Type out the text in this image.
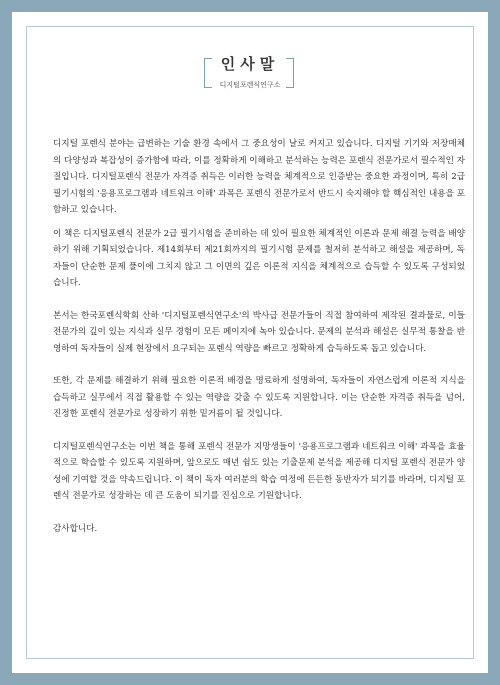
인사말
디지털포렌식연구소

디지털 포렌식 분야는 급변하는 기술 환경 속에서 그 중요성이 날로 커지고 있습니다. 디지털 기기와 저장매체의 다양성과 복잡성이 증가함에 따라, 이를 정확하게 이해하고 분석하는 능력은 포렌식 전문가로서 필수적인 자질입니다. 디지털포렌식 전문가 자격증 취득은 이러한 능력을 체계적으로 인증받는 중요한 과정이며, 특히 2급 필기시험의 '응용프로그램과 네트워크 이해' 과목은 포렌식 전문가로서 반드시 숙지해야 할 핵심적인 내용을 포함하고 있습니다.

이 책은 디지털포렌식 전문가 2급 필기시험을 준비하는 데 있어 필요한 체계적인 이론과 문제 해결 능력을 배양하기 위해 기획되었습니다. 제14회부터 제21회까지의 필기시험 문제를 철저히 분석하고 해설을 제공하며, 독자들이 단순한 문제 풀이에 그치지 않고 그 이면의 깊은 이론적 지식을 체계적으로 습득할 수 있도록 구성되었습니다.

본서는 한국포렌식학회 산하 '디지털포렌식연구소'의 박사급 전문가들이 직접 참여하여 제작된 결과물로, 이들 전문가의 깊이 있는 지식과 실무 경험이 모든 페이지에 녹아 있습니다. 문제의 분석과 해설은 실무적 통찰을 반영하여 독자들이 실제 현장에서 요구되는 포렌식 역량을 빠르고 정확하게 습득하도록 돕고 있습니다.

또한, 각 문제를 해결하기 위해 필요한 이론적 배경을 명료하게 설명하여, 독자들이 자연스럽게 이론적 지식을 습득하고 실무에서 직접 활용할 수 있는 역량을 갖출 수 있도록 지원합니다. 이는 단순한 자격증 취득을 넘어, 진정한 포렌식 전문가로 성장하기 위한 밑거름이 될 것입니다.

디지털포렌식연구소는 이번 책을 통해 포렌식 전문가 지망생들이 '응용프로그램과 네트워크 이해' 과목을 효율적으로 학습할 수 있도록 지원하며, 앞으로도 매년 쉼도 있는 기출문제 분석을 제공해 디지털 포렌식 전문가 양성에 기여할 것을 약속드립니다. 이 책이 독자 여러분의 학습 여정에 든든한 동반자가 되기를 바라며, 디지털 포렌식 전문가로 성장하는 데 큰 도움이 되기를 진심으로 기원합니다.

감사합니다.
